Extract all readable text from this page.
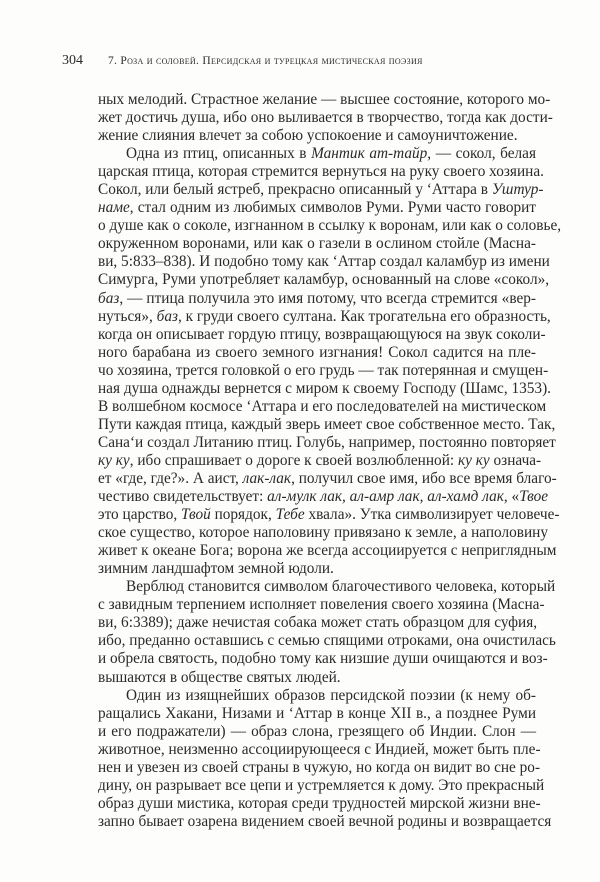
304 7. Роза и соловей. Персидская и турецкая мистическая поэзия
ных мелодий. Страстное желание — высшее состояние, которого мо-
жет достичь душа, ибо оно выливается в творчество, тогда как дости-
жение слияния влечет за собою успокоение и самоуничтожение.
Одна из птиц, описанных в Мантик ат-тайр, — сокол, белая
царская птица, которая стремится вернуться на руку своего хозяина.
Сокол, или белый ястреб, прекрасно описанный у ‘Аттара в Уштур-
наме, стал одним из любимых символов Руми. Руми часто говорит
о душе как о соколе, изгнанном в ссылку к воронам, или как о соловье,
окруженном воронами, или как о газели в ослином стойле (Масна-
ви, 5:833–838). И подобно тому как ‘Аттар создал каламбур из имени
Симурга, Руми употребляет каламбур, основанный на слове «сокол»,
баз, — птица получила это имя потому, что всегда стремится «вер-
нуться», баз, к груди своего султана. Как трогательна его образность,
когда он описывает гордую птицу, возвращающуюся на звук соколи-
ного барабана из своего земного изгнания! Сокол садится на пле-
чо хозяина, трется головкой о его грудь — так потерянная и смущен-
ная душа однажды вернется с миром к своему Господу (Шамс, 1353).
В волшебном космосе ‘Аттара и его последователей на мистическом
Пути каждая птица, каждый зверь имеет свое собственное место. Так,
Сана‘и создал Литанию птиц. Голубь, например, постоянно повторяет
ку ку, ибо спрашивает о дороге к своей возлюбленной: ку ку означа-
ет «где, где?». А аист, лак-лак, получил свое имя, ибо все время благо-
честиво свидетельствует: ал-мулк лак, ал-амр лак, ал-хамд лак, «Твое
это царство, Твой порядок, Тебе хвала». Утка символизирует человече-
ское существо, которое наполовину привязано к земле, а наполовину
живет к океане Бога; ворона же всегда ассоциируется с неприглядным
зимним ландшафтом земной юдоли.
Верблюд становится символом благочестивого человека, который
с завидным терпением исполняет повеления своего хозяина (Масна-
ви, 6:3389); даже нечистая собака может стать образцом для суфия,
ибо, преданно оставшись с семью спящими отроками, она очистилась
и обрела святость, подобно тому как низшие души очищаются и воз-
вышаются в обществе святых людей.
Один из изящнейших образов персидской поэзии (к нему об-
ращались Хакани, Низами и ‘Аттар в конце XII в., а позднее Руми
и его подражатели) — образ слона, грезящего об Индии. Слон —
животное, неизменно ассоциирующееся с Индией, может быть пле-
нен и увезен из своей страны в чужую, но когда он видит во сне ро-
дину, он разрывает все цепи и устремляется к дому. Это прекрасный
образ души мистика, которая среди трудностей мирской жизни вне-
запно бывает озарена видением своей вечной родины и возвращается
